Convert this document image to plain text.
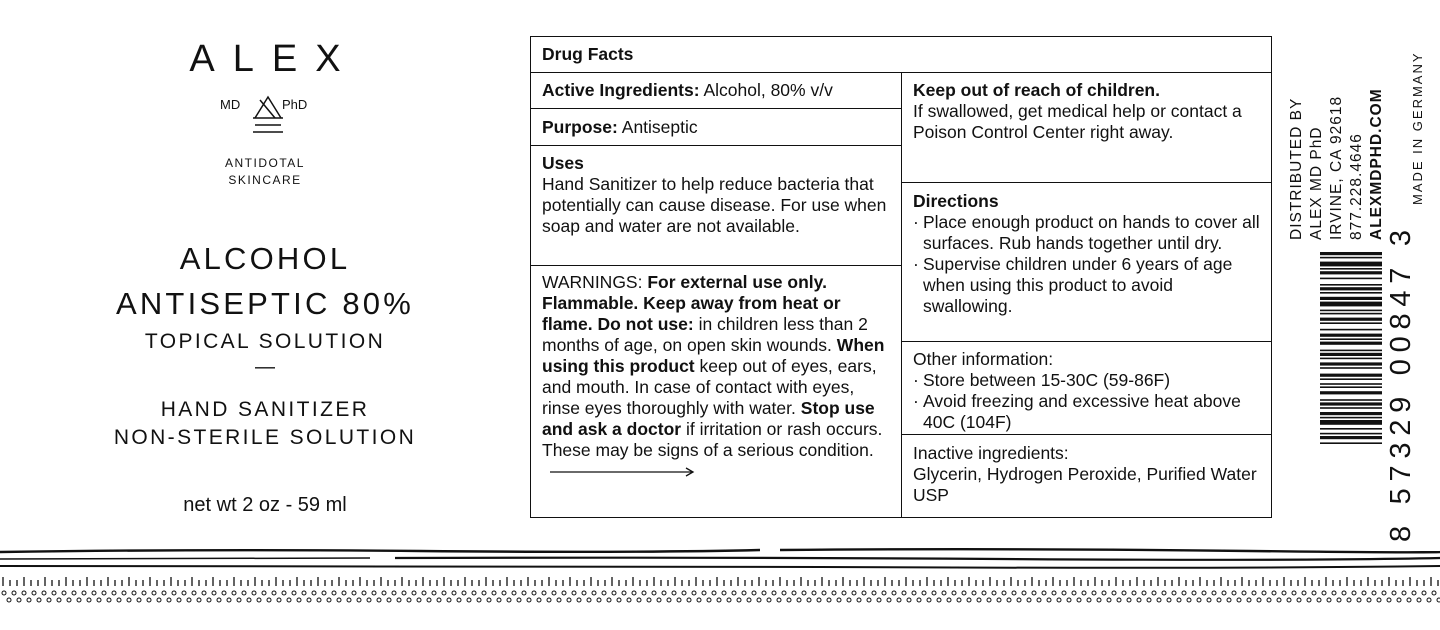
ALEX
MD	PhD
ANTIDOTAL
SKINCARE
ALCOHOL
ANTISEPTIC 80%
TOPICAL SOLUTION
—
HAND SANITIZER
NON-STERILE SOLUTION
net wt 2 oz - 59 ml
Drug Facts
Active Ingredients: Alcohol, 80% v/v
Purpose: Antiseptic
Uses
Hand Sanitizer to help reduce bacteria that potentially can cause disease. For use when soap and water are not available.
WARNINGS: For external use only. Flammable. Keep away from heat or flame. Do not use: in children less than 2 months of age, on open skin wounds. When using this product keep out of eyes, ears, and mouth. In case of contact with eyes, rinse eyes thoroughly with water. Stop use and ask a doctor if irritation or rash occurs. These may be signs of a serious condition.
Keep out of reach of children.
If swallowed, get medical help or contact a Poison Control Center right away.
Directions
· Place enough product on hands to cover all surfaces. Rub hands together until dry.
· Supervise children under 6 years of age when using this product to avoid swallowing.
Other information:
· Store between 15-30C (59-86F)
· Avoid freezing and excessive heat above 40C (104F)
Inactive ingredients:
Glycerin, Hydrogen Peroxide, Purified Water USP
DISTRIBUTED BY ALEX MD PhD IRVINE, CA 92618 877.228.4646 ALEXMDPHD.COM MADE IN GERMANY
8 57329 00847 3
